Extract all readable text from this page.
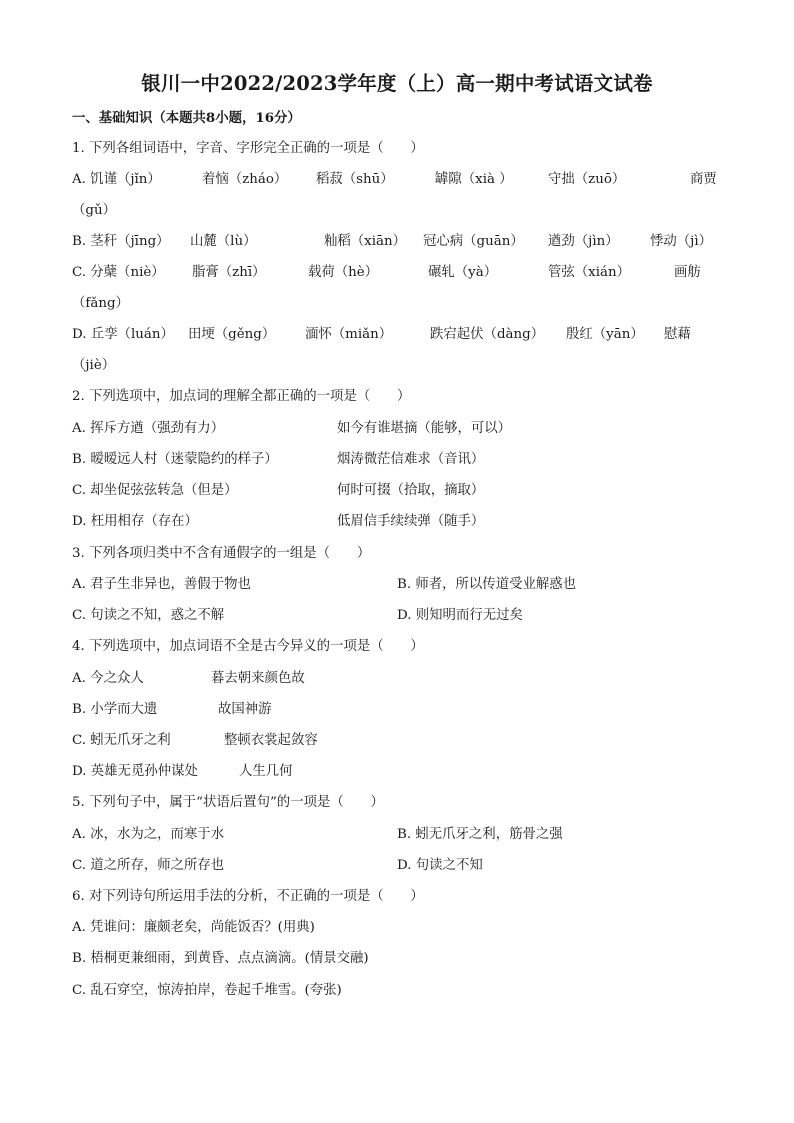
银川一中2022/2023学年度（上）高一期中考试语文试卷
一、基础知识（本题共8小题，16分）
1. 下列各组词语中，字音、字形完全正确的一项是（　　）
A. 饥谨（jǐn）	着恼（zháo） 稻菽（shū）	罅隙（xià ）	守拙（zuō）	商贾
（gǔ）
B. 茎秆（jīng） 山麓（lù）	籼稻（xiān） 冠心病（guān） 遒劲（jìn） 悸动（jì）
C. 分蘖（niè） 脂膏（zhī）	载荷（hè）	碾轧（yà）	管弦（xián）	画舫
（fǎng）
D. 丘孪（luán） 田埂（gěng） 湎怀（miǎn）	跌宕起伏（dàng） 殷红（yān） 慰藉
（jiè）
2. 下列选项中，加点词的理解全都正确的一项是（　　）
A. 挥斥方遒（强劲有力）	如今有谁堪摘（能够，可以）
B. 暧暧远人村（迷蒙隐约的样子）	烟涛微茫信难求（音讯）
C. 却坐促弦弦转急（但是）	何时可掇（拾取，摘取）
D. 枉用相存（存在）	低眉信手续续弹（随手）
3. 下列各项归类中不含有通假字的一组是（　　）
A. 君子生非异也，善假于物也	B. 师者，所以传道受业解惑也
C. 句读之不知，惑之不解	D. 则知明而行无过矣
4. 下列选项中，加点词语不全是古今异义的一项是（　　）
A. 今之众人	暮去朝来颜色故
B. 小学而大遗	故国神游
C. 蚓无爪牙之利	整顿衣裳起敛容
D. 英雄无觅孙仲谋处	人生几何
5. 下列句子中，属于“状语后置句”的一项是（　　）
A. 冰，水为之，而寒于水	B. 蚓无爪牙之利，筋骨之强
C. 道之所存，师之所存也	D. 句读之不知
6. 对下列诗句所运用手法的分析，不正确的一项是（　　）
A. 凭谁问：廉颇老矣，尚能饭否？(用典)
B. 梧桐更兼细雨，到黄昏、点点滴滴。(情景交融)
C. 乱石穿空，惊涛拍岸，卷起千堆雪。(夸张)
